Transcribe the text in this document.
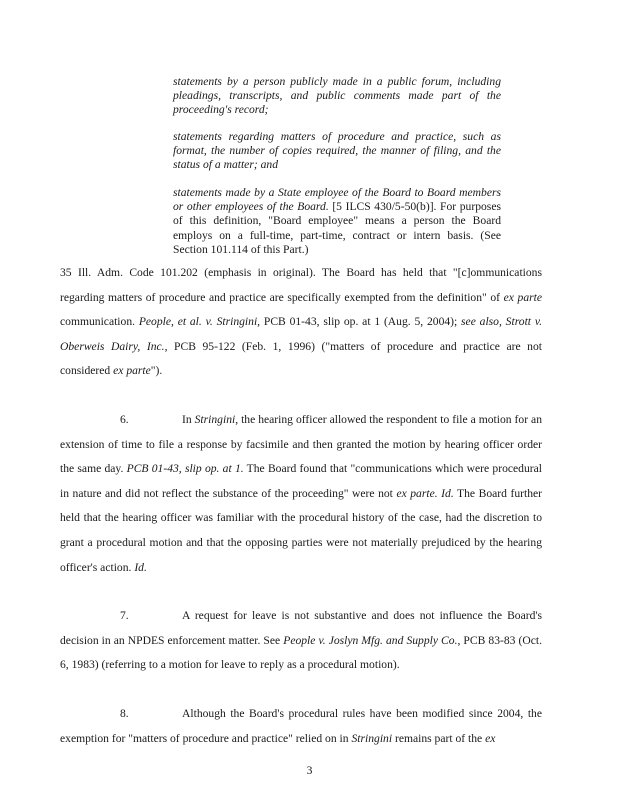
statements by a person publicly made in a public forum, including pleadings, transcripts, and public comments made part of the proceeding's record;
statements regarding matters of procedure and practice, such as format, the number of copies required, the manner of filing, and the status of a matter; and
statements made by a State employee of the Board to Board members or other employees of the Board. [5 ILCS 430/5-50(b)]. For purposes of this definition, "Board employee" means a person the Board employs on a full-time, part-time, contract or intern basis. (See Section 101.114 of this Part.)
35 Ill. Adm. Code 101.202 (emphasis in original). The Board has held that "[c]ommunications regarding matters of procedure and practice are specifically exempted from the definition" of ex parte communication. People, et al. v. Stringini, PCB 01-43, slip op. at 1 (Aug. 5, 2004); see also, Strott v. Oberweis Dairy, Inc., PCB 95-122 (Feb. 1, 1996) ("matters of procedure and practice are not considered ex parte").
6.	In Stringini, the hearing officer allowed the respondent to file a motion for an extension of time to file a response by facsimile and then granted the motion by hearing officer order the same day. PCB 01-43, slip op. at 1. The Board found that "communications which were procedural in nature and did not reflect the substance of the proceeding" were not ex parte. Id. The Board further held that the hearing officer was familiar with the procedural history of the case, had the discretion to grant a procedural motion and that the opposing parties were not materially prejudiced by the hearing officer's action. Id.
7.	A request for leave is not substantive and does not influence the Board's decision in an NPDES enforcement matter. See People v. Joslyn Mfg. and Supply Co., PCB 83-83 (Oct. 6, 1983) (referring to a motion for leave to reply as a procedural motion).
8.	Although the Board's procedural rules have been modified since 2004, the exemption for "matters of procedure and practice" relied on in Stringini remains part of the ex
3
